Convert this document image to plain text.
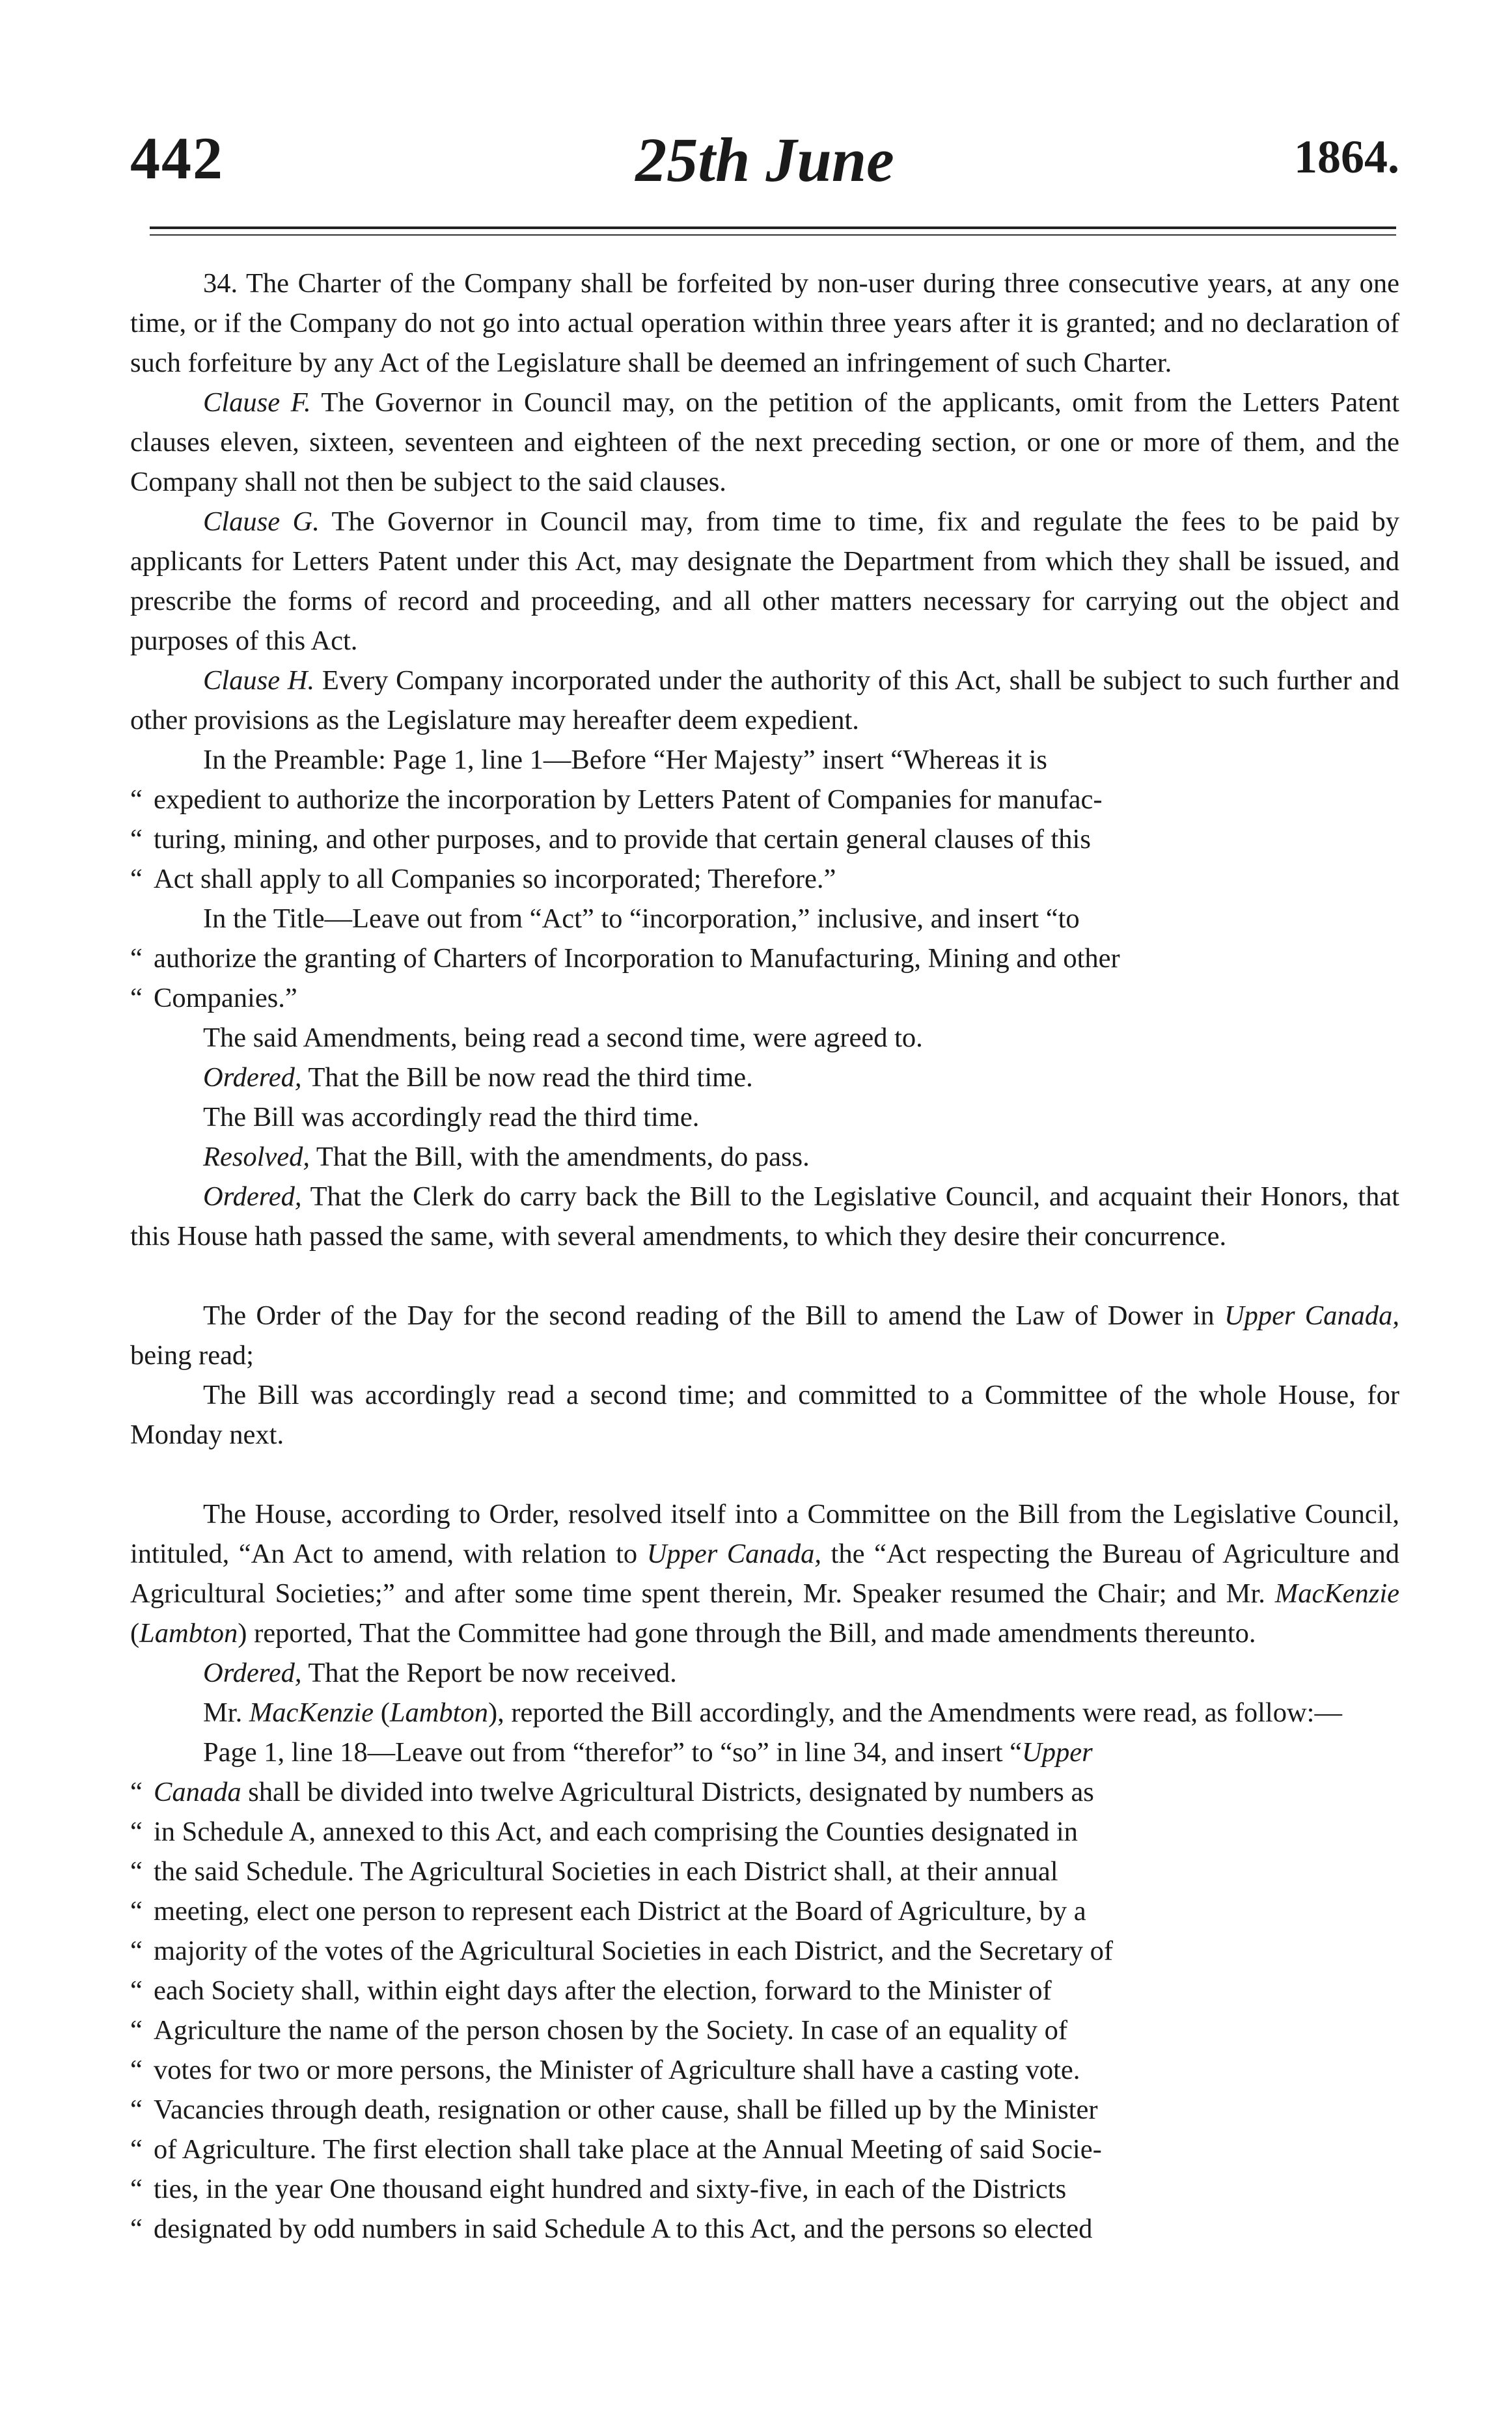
442	25th June	1864.

34. The Charter of the Company shall be forfeited by non-user during three consecutive years, at any one time, or if the Company do not go into actual operation within three years after it is granted; and no declaration of such forfeiture by any Act of the Legislature shall be deemed an infringement of such Charter.

Clause F. The Governor in Council may, on the petition of the applicants, omit from the Letters Patent clauses eleven, sixteen, seventeen and eighteen of the next preceding section, or one or more of them, and the Company shall not then be subject to the said clauses.

Clause G. The Governor in Council may, from time to time, fix and regulate the fees to be paid by applicants for Letters Patent under this Act, may designate the Department from which they shall be issued, and prescribe the forms of record and proceeding, and all other matters necessary for carrying out the object and purposes of this Act.

Clause H. Every Company incorporated under the authority of this Act, shall be subject to such further and other provisions as the Legislature may hereafter deem expedient.

In the Preamble: Page 1, line 1—Before “Her Majesty” insert “Whereas it is
“ expedient to authorize the incorporation by Letters Patent of Companies for manufac-
“ turing, mining, and other purposes, and to provide that certain general clauses of this
“ Act shall apply to all Companies so incorporated; Therefore.”

In the Title—Leave out from “Act” to “incorporation,” inclusive, and insert “to
“ authorize the granting of Charters of Incorporation to Manufacturing, Mining and other
“ Companies.”

The said Amendments, being read a second time, were agreed to.

Ordered, That the Bill be now read the third time.

The Bill was accordingly read the third time.

Resolved, That the Bill, with the amendments, do pass.

Ordered, That the Clerk do carry back the Bill to the Legislative Council, and acquaint their Honors, that this House hath passed the same, with several amendments, to which they desire their concurrence.

The Order of the Day for the second reading of the Bill to amend the Law of Dower in Upper Canada, being read;

The Bill was accordingly read a second time; and committed to a Committee of the whole House, for Monday next.

The House, according to Order, resolved itself into a Committee on the Bill from the Legislative Council, intituled, “An Act to amend, with relation to Upper Canada, the “Act respecting the Bureau of Agriculture and Agricultural Societies;” and after some time spent therein, Mr. Speaker resumed the Chair; and Mr. MacKenzie (Lambton) reported, That the Committee had gone through the Bill, and made amendments thereunto.

Ordered, That the Report be now received.

Mr. MacKenzie (Lambton), reported the Bill accordingly, and the Amendments were read, as follow:—

Page 1, line 18—Leave out from “therefor” to “so” in line 34, and insert “Upper
“ Canada shall be divided into twelve Agricultural Districts, designated by numbers as
“ in Schedule A, annexed to this Act, and each comprising the Counties designated in
“ the said Schedule. The Agricultural Societies in each District shall, at their annual
“ meeting, elect one person to represent each District at the Board of Agriculture, by a
“ majority of the votes of the Agricultural Societies in each District, and the Secretary of
“ each Society shall, within eight days after the election, forward to the Minister of
“ Agriculture the name of the person chosen by the Society. In case of an equality of
“ votes for two or more persons, the Minister of Agriculture shall have a casting vote.
“ Vacancies through death, resignation or other cause, shall be filled up by the Minister
“ of Agriculture. The first election shall take place at the Annual Meeting of said Socie-
“ ties, in the year One thousand eight hundred and sixty-five, in each of the Districts
“ designated by odd numbers in said Schedule A to this Act, and the persons so elected
